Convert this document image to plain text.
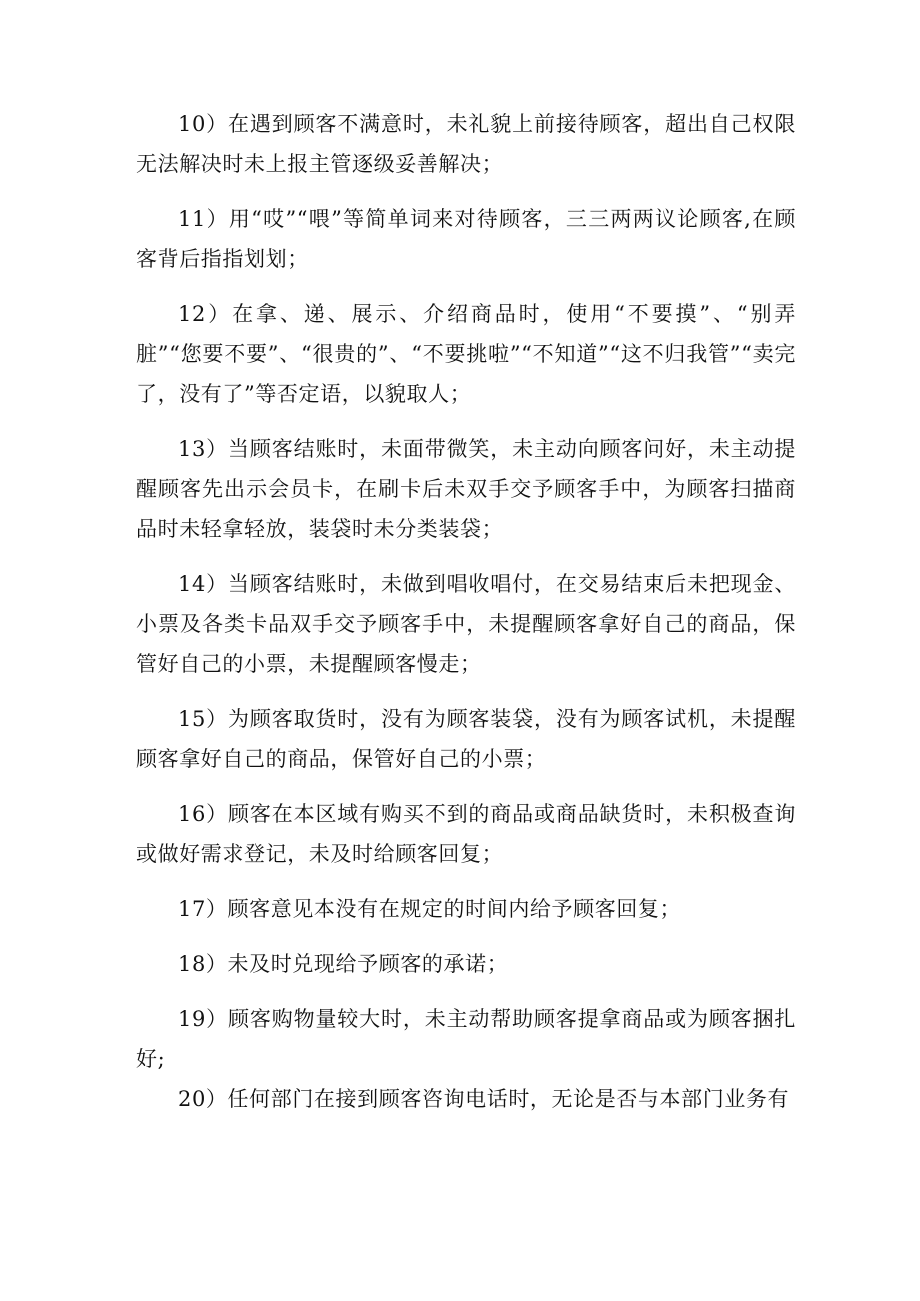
10）在遇到顾客不满意时，未礼貌上前接待顾客，超出自己权限无法解决时未上报主管逐级妥善解决；

11）用“哎”“喂”等简单词来对待顾客，三三两两议论顾客,在顾客背后指指划划；

12）在拿、递、展示、介绍商品时，使用“不要摸”、“别弄脏”“您要不要”、“很贵的”、“不要挑啦”“不知道”“这不归我管”“卖完了，没有了”等否定语，以貌取人；

13）当顾客结账时，未面带微笑，未主动向顾客问好，未主动提醒顾客先出示会员卡，在刷卡后未双手交予顾客手中，为顾客扫描商品时未轻拿轻放，装袋时未分类装袋；

14）当顾客结账时，未做到唱收唱付，在交易结束后未把现金、小票及各类卡品双手交予顾客手中，未提醒顾客拿好自己的商品，保管好自己的小票，未提醒顾客慢走；

15）为顾客取货时，没有为顾客装袋，没有为顾客试机，未提醒顾客拿好自己的商品，保管好自己的小票；

16）顾客在本区域有购买不到的商品或商品缺货时，未积极查询或做好需求登记，未及时给顾客回复；

17）顾客意见本没有在规定的时间内给予顾客回复；

18）未及时兑现给予顾客的承诺；

19）顾客购物量较大时，未主动帮助顾客提拿商品或为顾客捆扎好;

20）任何部门在接到顾客咨询电话时，无论是否与本部门业务有
